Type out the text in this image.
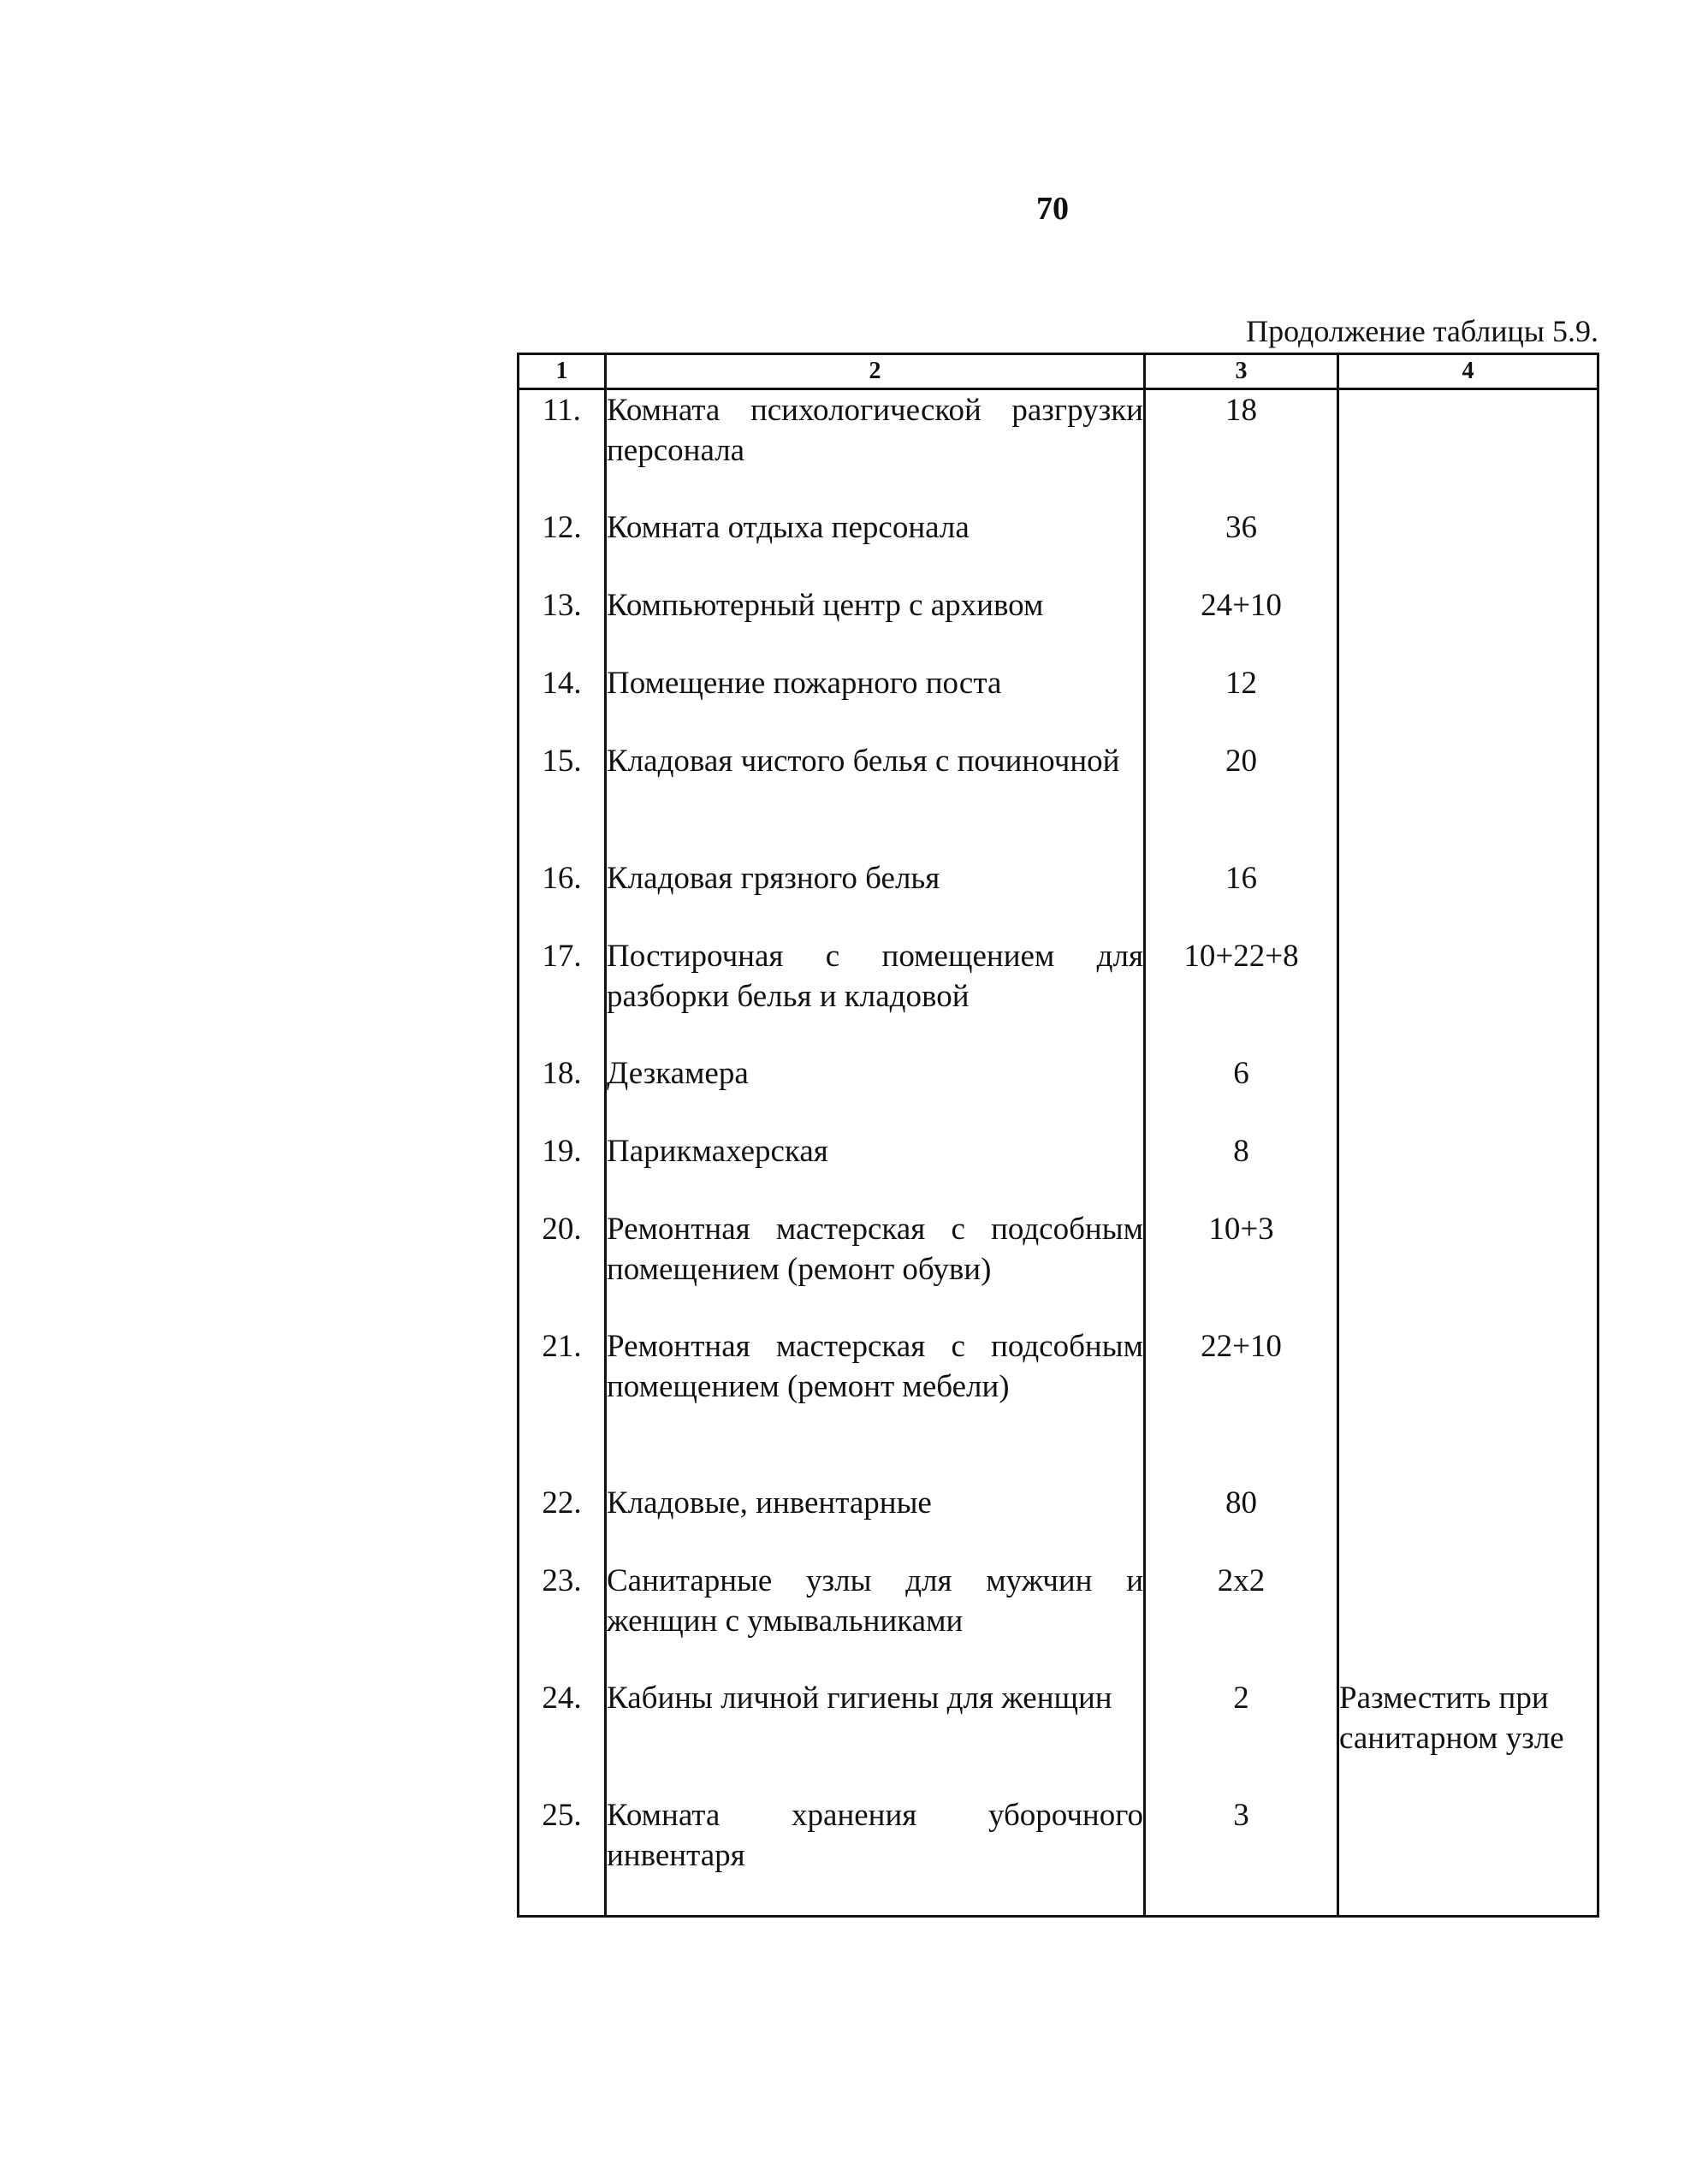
70
Продолжение таблицы 5.9.
1	2	3	4
11.	Комната психологической разгрузки персонала	18	
12.	Комната отдыха персонала	36	
13.	Компьютерный центр с архивом	24+10	
14.	Помещение пожарного поста	12	
15.	Кладовая чистого белья с починочной	20	
16.	Кладовая грязного белья	16	
17.	Постирочная с помещением для разборки белья и кладовой	10+22+8	
18.	Дезкамера	6	
19.	Парикмахерская	8	
20.	Ремонтная мастерская с подсобным помещением (ремонт обуви)	10+3	
21.	Ремонтная мастерская с подсобным помещением (ремонт мебели)	22+10	
22.	Кладовые, инвентарные	80	
23.	Санитарные узлы для мужчин и женщин с умывальниками	2x2	
24.	Кабины личной гигиены для женщин	2	Разместить при санитарном узле
25.	Комната хранения уборочного инвентаря	3	
